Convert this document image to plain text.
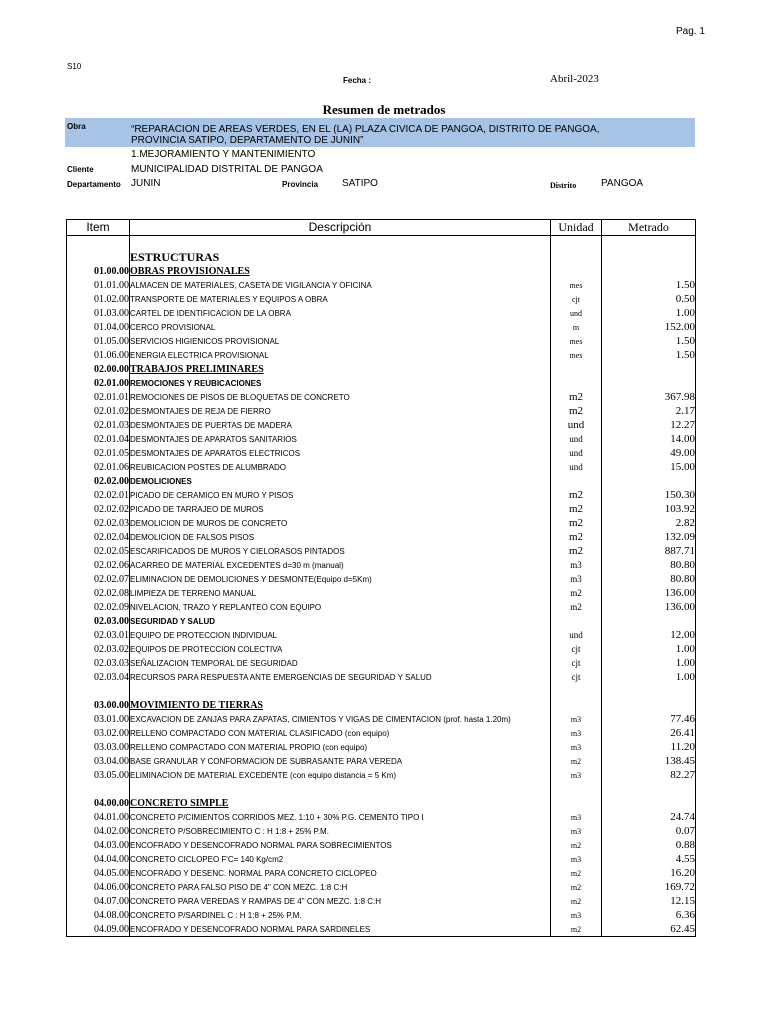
Pag. 1
S10
Fecha :	Abril-2023
Resumen de metrados
Obra	“REPARACION DE AREAS VERDES, EN EL (LA) PLAZA CIVICA DE PANGOA, DISTRITO DE PANGOA,
PROVINCIA SATIPO, DEPARTAMENTO DE JUNIN”
1.MEJORAMIENTO Y MANTENIMIENTO
Cliente	MUNICIPALIDAD DISTRITAL DE PANGOA
Departamento JUNIN	Provincia SATIPO	Distrito PANGOA
Item	Descripción	Unidad	Metrado

	ESTRUCTURAS		
01.00.00	OBRAS PROVISIONALES		
01.01.00	ALMACEN DE MATERIALES, CASETA DE VIGILANCIA Y OFICINA	mes	1.50
01.02.00	TRANSPORTE DE MATERIALES Y EQUIPOS A OBRA	cjt	0.50
01.03.00	CARTEL DE IDENTIFICACION DE LA OBRA	und	1.00
01.04.00	CERCO PROVISIONAL	m	152.00
01.05.00	SERVICIOS HIGIENICOS PROVISIONAL	mes	1.50
01.06.00	ENERGIA ELECTRICA PROVISIONAL	mes	1.50
02.00.00	TRABAJOS PRELIMINARES		
02.01.00	REMOCIONES Y REUBICACIONES		
02.01.01	REMOCIONES DE PISOS DE BLOQUETAS DE CONCRETO	m2	367.98
02.01.02	DESMONTAJES DE REJA DE FIERRO	m2	2.17
02.01.03	DESMONTAJES DE PUERTAS DE MADERA	und	12.27
02.01.04	DESMONTAJES DE APARATOS SANITARIOS	und	14.00
02.01.05	DESMONTAJES DE APARATOS ELECTRICOS	und	49.00
02.01.06	REUBICACION POSTES DE ALUMBRADO	und	15.00
02.02.00	DEMOLICIONES		
02.02.01	PICADO DE CERAMICO EN MURO Y PISOS	m2	150.30
02.02.02	PICADO DE TARRAJEO DE MUROS	m2	103.92
02.02.03	DEMOLICION DE MUROS DE CONCRETO	m2	2.82
02.02.04	DEMOLICION DE FALSOS PISOS	m2	132.09
02.02.05	ESCARIFICADOS DE MUROS Y CIELORASOS PINTADOS	m2	887.71
02.02.06	ACARREO DE MATERIAL EXCEDENTES d=30 m (manual)	m3	80.80
02.02.07	ELIMINACION DE DEMOLICIONES Y DESMONTE(Equipo d=5Km)	m3	80.80
02.02.08	LIMPIEZA DE TERRENO MANUAL	m2	136.00
02.02.09	NIVELACION, TRAZO Y REPLANTEO CON EQUIPO	m2	136.00
02.03.00	SEGURIDAD Y SALUD		
02.03.01	EQUIPO DE PROTECCION INDIVIDUAL	und	12.00
02.03.02	EQUIPOS DE PROTECCION COLECTIVA	cjt	1.00
02.03.03	SEÑALIZACION TEMPORAL DE SEGURIDAD	cjt	1.00
02.03.04	RECURSOS PARA RESPUESTA ANTE EMERGENCIAS DE SEGURIDAD Y SALUD	cjt	1.00

03.00.00	MOVIMIENTO DE TIERRAS		
03.01.00	EXCAVACION DE ZANJAS PARA ZAPATAS, CIMIENTOS Y VIGAS DE CIMENTACION (prof. hasta 1.20m)	m3	77.46
03.02.00	RELLENO COMPACTADO CON MATERIAL CLASIFICADO (con equipo)	m3	26.41
03.03.00	RELLENO COMPACTADO CON MATERIAL PROPIO (con equipo)	m3	11.20
03.04.00	BASE GRANULAR Y CONFORMACION DE SUBRASANTE PARA VEREDA	m2	138.45
03.05.00	ELIMINACION DE MATERIAL EXCEDENTE (con equipo distancia = 5 Km)	m3	82.27

04.00.00	CONCRETO SIMPLE		
04.01.00	CONCRETO P/CIMIENTOS CORRIDOS MEZ. 1:10 + 30% P.G. CEMENTO TIPO I	m3	24.74
04.02.00	CONCRETO P/SOBRECIMIENTO C : H 1:8 + 25% P.M.	m3	0.07
04.03.00	ENCOFRADO Y DESENCOFRADO NORMAL PARA SOBRECIMIENTOS	m2	0.88
04.04.00	CONCRETO CICLOPEO F'C= 140 Kg/cm2	m3	4.55
04.05.00	ENCOFRADO Y DESENC. NORMAL PARA CONCRETO CICLOPEO	m2	16.20
04.06.00	CONCRETO PARA FALSO PISO DE 4" CON MEZC. 1:8 C:H	m2	169.72
04.07.00	CONCRETO PARA VEREDAS Y RAMPAS DE 4" CON MEZC. 1:8 C:H	m2	12.15
04.08.00	CONCRETO P/SARDINEL C : H 1:8 + 25% P.M.	m3	6.36
04.09.00	ENCOFRADO Y DESENCOFRADO NORMAL PARA SARDINELES	m2	62.45
